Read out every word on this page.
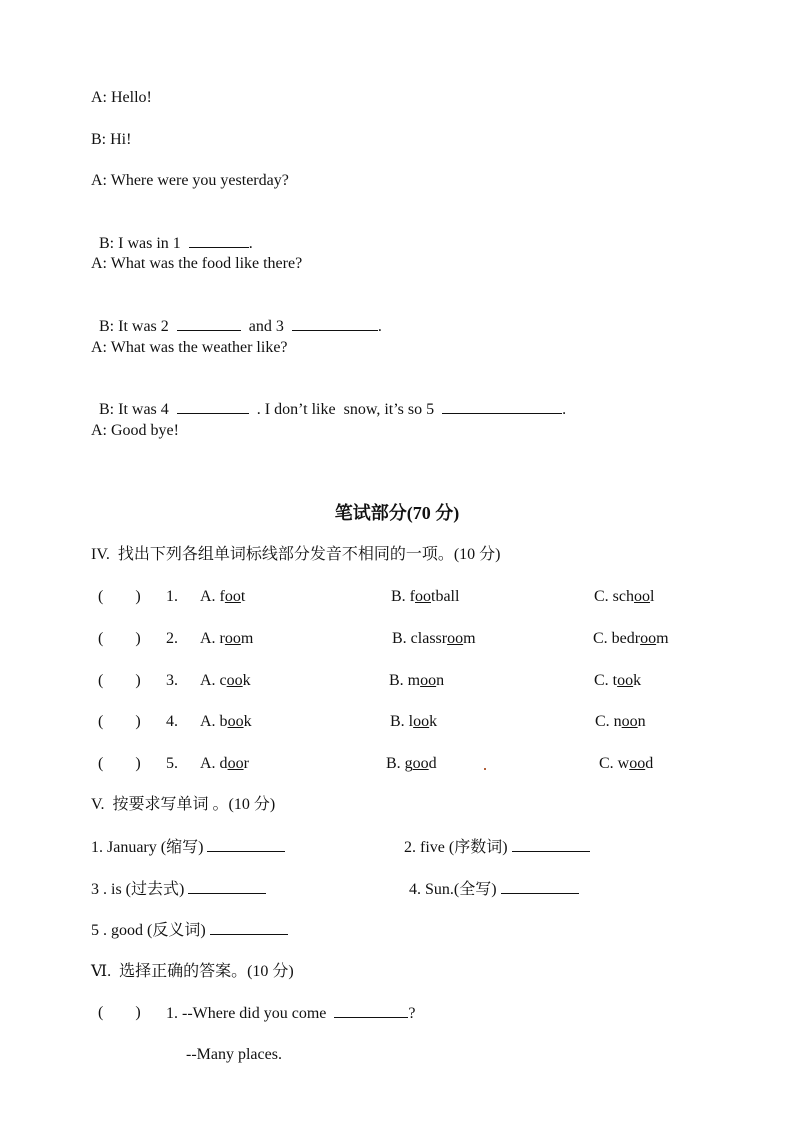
A: Hello!
B: Hi!
A: Where were you yesterday?

B: I was in 1	.

A: What was the food like there?

B: It was 2	and 3	.

A: What was the weather like?

B: It was 4	. I don’t like  snow, it’s so 5	.

A: Good bye!
笔试部分(70 分)
IV.  找出下列各组单词标线部分发音不相同的一项。(10 分)
(        ) 1. A. foot	B. football	C. school
(        ) 2. A. room	B. classroom	C. bedroom
(        ) 3. A. cook	B. moon	C. took
(        ) 4. A. book	B. look	C. noon
(        ) 5. A. door	B. good	C. wood
V.  按要求写单词 。(10 分)
1. January (缩写)	2. five (序数词)
3 . is (过去式)	4. Sun.(全写)
5 . good (反义词)
Ⅵ.  选择正确的答案。(10 分)
(        ) 1. --Where did you come	?
--Many places.
